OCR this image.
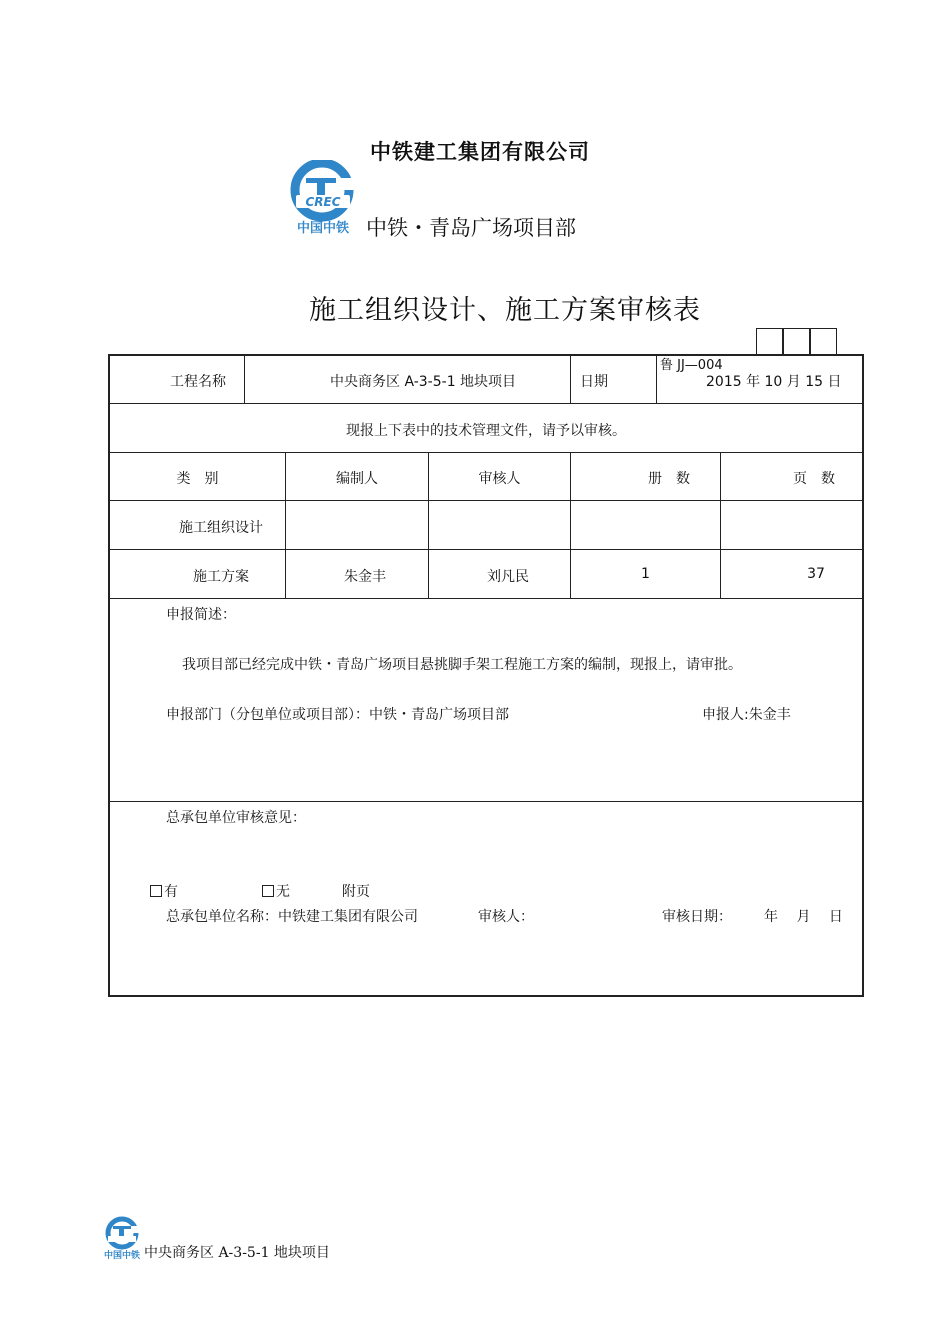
中铁建工集团有限公司
CREC
中国中铁 中铁・青岛广场项目部
施工组织设计、施工方案审核表
鲁 JJ—004
工程名称	中央商务区 A-3-5-1 地块项目	日期	2015 年 10 月 15 日
现报上下表中的技术管理文件，请予以审核。
类　别	编制人	审核人	册　数	页　数
施工组织设计
施工方案	朱金丰	刘凡民	1	37
申报简述：
我项目部已经完成中铁・青岛广场项目悬挑脚手架工程施工方案的编制，现报上，请审批。
申报部门（分包单位或项目部）：中铁・青岛广场项目部	申报人:朱金丰
总承包单位审核意见：
有	无	附页
总承包单位名称：中铁建工集团有限公司	审核人：	审核日期： 年　 月　 日
中国中铁 中央商务区 A-3-5-1 地块项目
